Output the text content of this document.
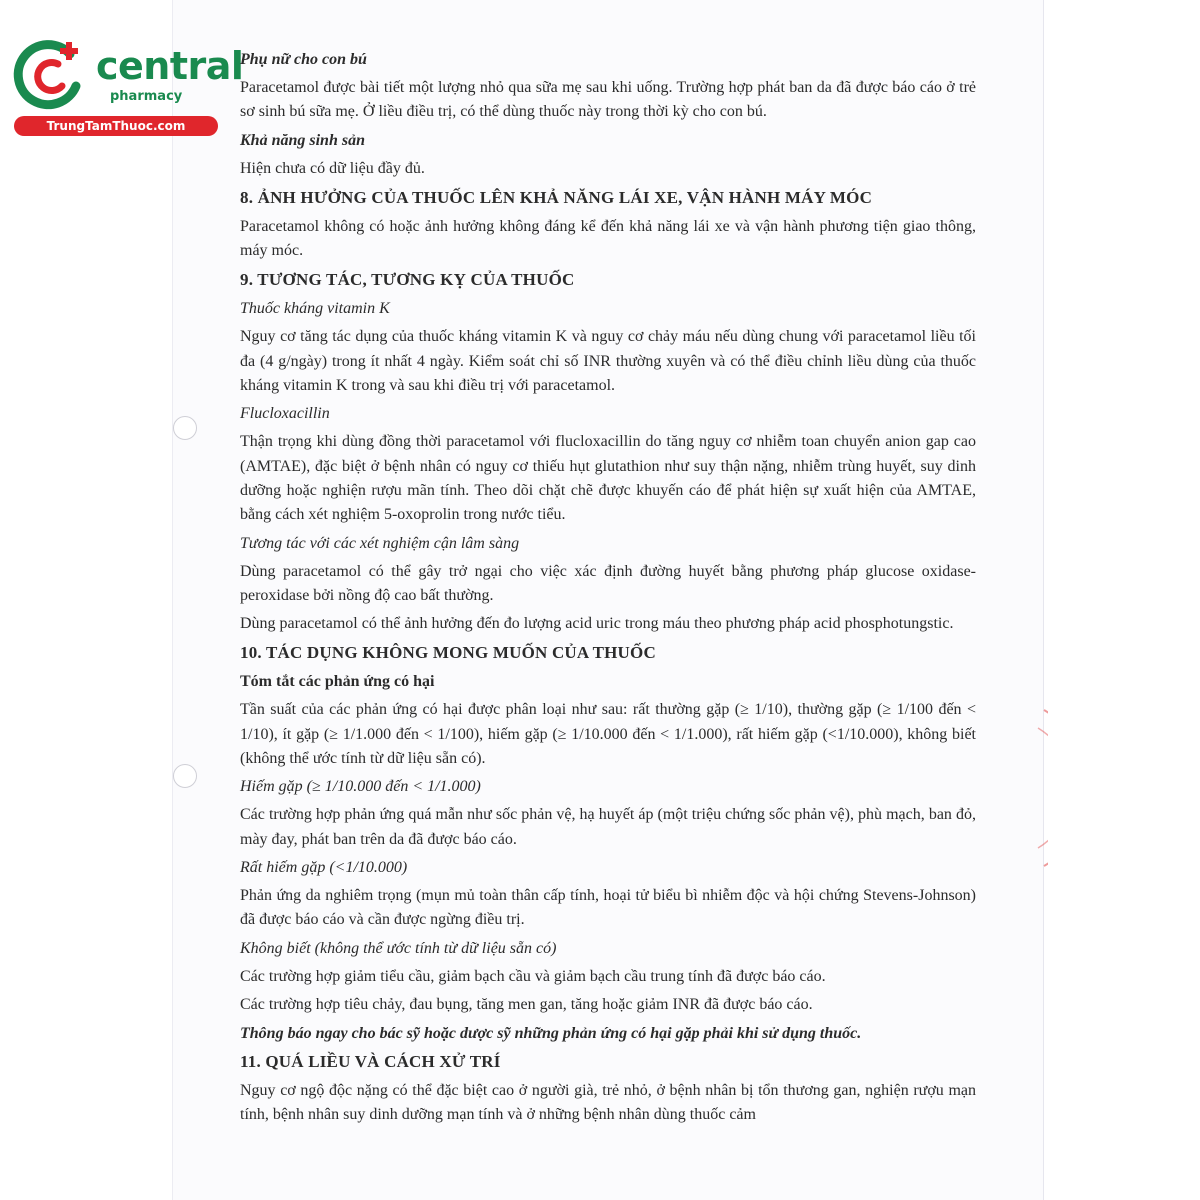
central

pharmacy
TrungTamThuoc.com

Phụ nữ cho con bú

Paracetamol được bài tiết một lượng nhỏ qua sữa mẹ sau khi uống. Trường hợp phát ban da đã được báo cáo ở trẻ sơ sinh bú sữa mẹ. Ở liều điều trị, có thể dùng thuốc này trong thời kỳ cho con bú.

Khả năng sinh sản

Hiện chưa có dữ liệu đầy đủ.

8. ẢNH HƯỞNG CỦA THUỐC LÊN KHẢ NĂNG LÁI XE, VẬN HÀNH MÁY MÓC

Paracetamol không có hoặc ảnh hưởng không đáng kể đến khả năng lái xe và vận hành phương tiện giao thông, máy móc.

9. TƯƠNG TÁC, TƯƠNG KỴ CỦA THUỐC

Thuốc kháng vitamin K

Nguy cơ tăng tác dụng của thuốc kháng vitamin K và nguy cơ chảy máu nếu dùng chung với paracetamol liều tối đa (4 g/ngày) trong ít nhất 4 ngày. Kiểm soát chỉ số INR thường xuyên và có thể điều chỉnh liều dùng của thuốc kháng vitamin K trong và sau khi điều trị với paracetamol.

Flucloxacillin

Thận trọng khi dùng đồng thời paracetamol với flucloxacillin do tăng nguy cơ nhiễm toan chuyển anion gap cao (AMTAE), đặc biệt ở bệnh nhân có nguy cơ thiếu hụt glutathion như suy thận nặng, nhiễm trùng huyết, suy dinh dưỡng hoặc nghiện rượu mãn tính. Theo dõi chặt chẽ được khuyến cáo để phát hiện sự xuất hiện của AMTAE, bằng cách xét nghiệm 5-oxoprolin trong nước tiểu.

Tương tác với các xét nghiệm cận lâm sàng

Dùng paracetamol có thể gây trở ngại cho việc xác định đường huyết bằng phương pháp glucose oxidase-peroxidase bởi nồng độ cao bất thường.

Dùng paracetamol có thể ảnh hưởng đến đo lượng acid uric trong máu theo phương pháp acid phosphotungstic.

10. TÁC DỤNG KHÔNG MONG MUỐN CỦA THUỐC

Tóm tắt các phản ứng có hại

Tần suất của các phản ứng có hại được phân loại như sau: rất thường gặp (≥ 1/10), thường gặp (≥ 1/100 đến < 1/10), ít gặp (≥ 1/1.000 đến < 1/100), hiếm gặp (≥ 1/10.000 đến < 1/1.000), rất hiếm gặp (<1/10.000), không biết (không thể ước tính từ dữ liệu sẵn có).

Hiếm gặp (≥ 1/10.000 đến < 1/1.000)

Các trường hợp phản ứng quá mẫn như sốc phản vệ, hạ huyết áp (một triệu chứng sốc phản vệ), phù mạch, ban đỏ, mày đay, phát ban trên da đã được báo cáo.

Rất hiếm gặp (<1/10.000)

Phản ứng da nghiêm trọng (mụn mủ toàn thân cấp tính, hoại tử biểu bì nhiễm độc và hội chứng Stevens-Johnson) đã được báo cáo và cần được ngừng điều trị.

Không biết (không thể ước tính từ dữ liệu sẵn có)

Các trường hợp giảm tiểu cầu, giảm bạch cầu và giảm bạch cầu trung tính đã được báo cáo.

Các trường hợp tiêu chảy, đau bụng, tăng men gan, tăng hoặc giảm INR đã được báo cáo.

Thông báo ngay cho bác sỹ hoặc dược sỹ những phản ứng có hại gặp phải khi sử dụng thuốc.

11. QUÁ LIỀU VÀ CÁCH XỬ TRÍ

Nguy cơ ngộ độc nặng có thể đặc biệt cao ở người già, trẻ nhỏ, ở bệnh nhân bị tổn thương gan, nghiện rượu mạn tính, bệnh nhân suy dinh dưỡng mạn tính và ở những bệnh nhân dùng thuốc cảm
